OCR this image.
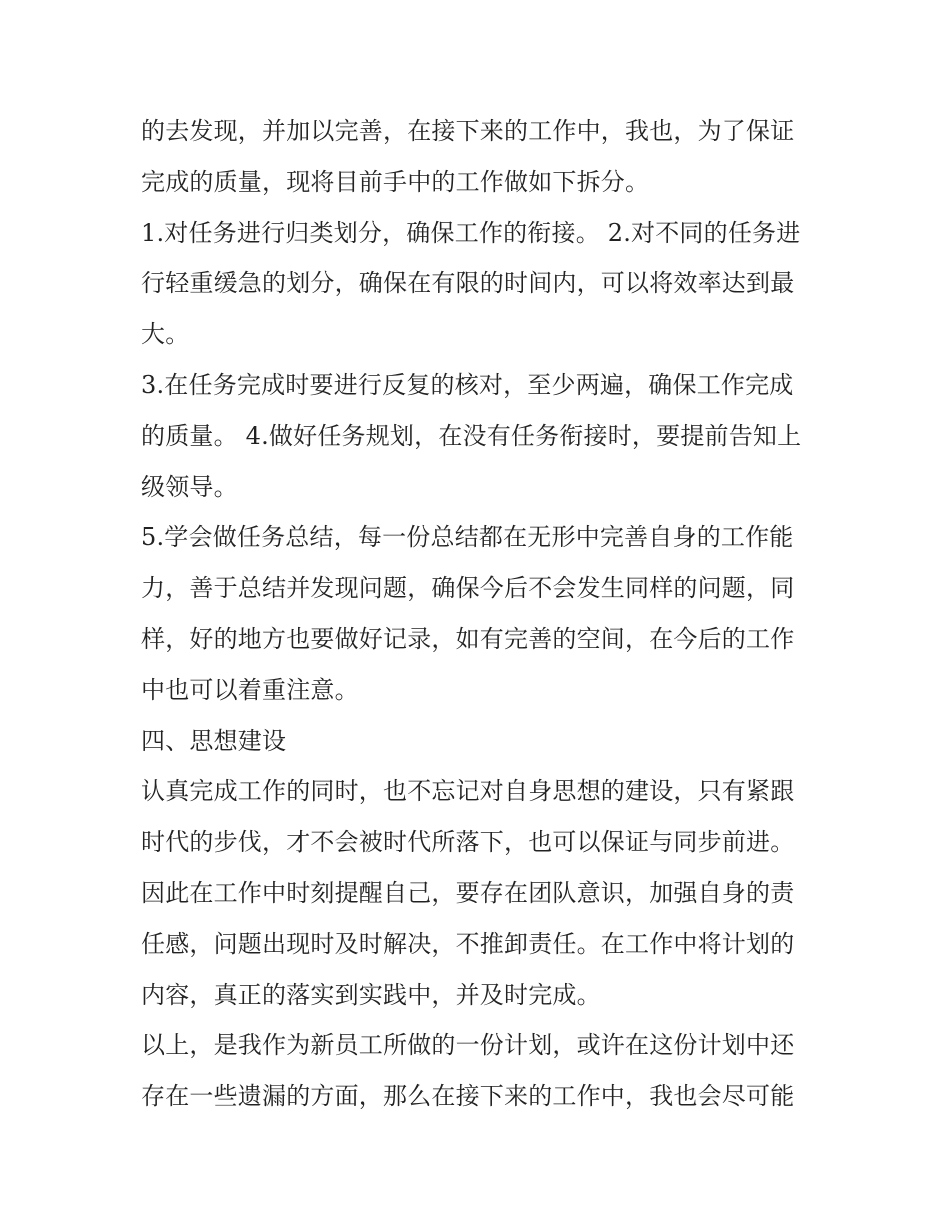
的去发现，并加以完善，在接下来的工作中，我也，为了保证完成的质量，现将目前手中的工作做如下拆分。

1.对任务进行归类划分，确保工作的衔接。 2.对不同的任务进行轻重缓急的划分，确保在有限的时间内，可以将效率达到最大。

3.在任务完成时要进行反复的核对，至少两遍，确保工作完成的质量。 4.做好任务规划，在没有任务衔接时，要提前告知上级领导。

5.学会做任务总结，每一份总结都在无形中完善自身的工作能力，善于总结并发现问题，确保今后不会发生同样的问题，同样，好的地方也要做好记录，如有完善的空间，在今后的工作中也可以着重注意。

四、思想建设

认真完成工作的同时，也不忘记对自身思想的建设，只有紧跟时代的步伐，才不会被时代所落下，也可以保证与同步前进。

因此在工作中时刻提醒自己，要存在团队意识，加强自身的责任感，问题出现时及时解决，不推卸责任。在工作中将计划的内容，真正的落实到实践中，并及时完成。

以上，是我作为新员工所做的一份计划，或许在这份计划中还存在一些遗漏的方面，那么在接下来的工作中，我也会尽可能
